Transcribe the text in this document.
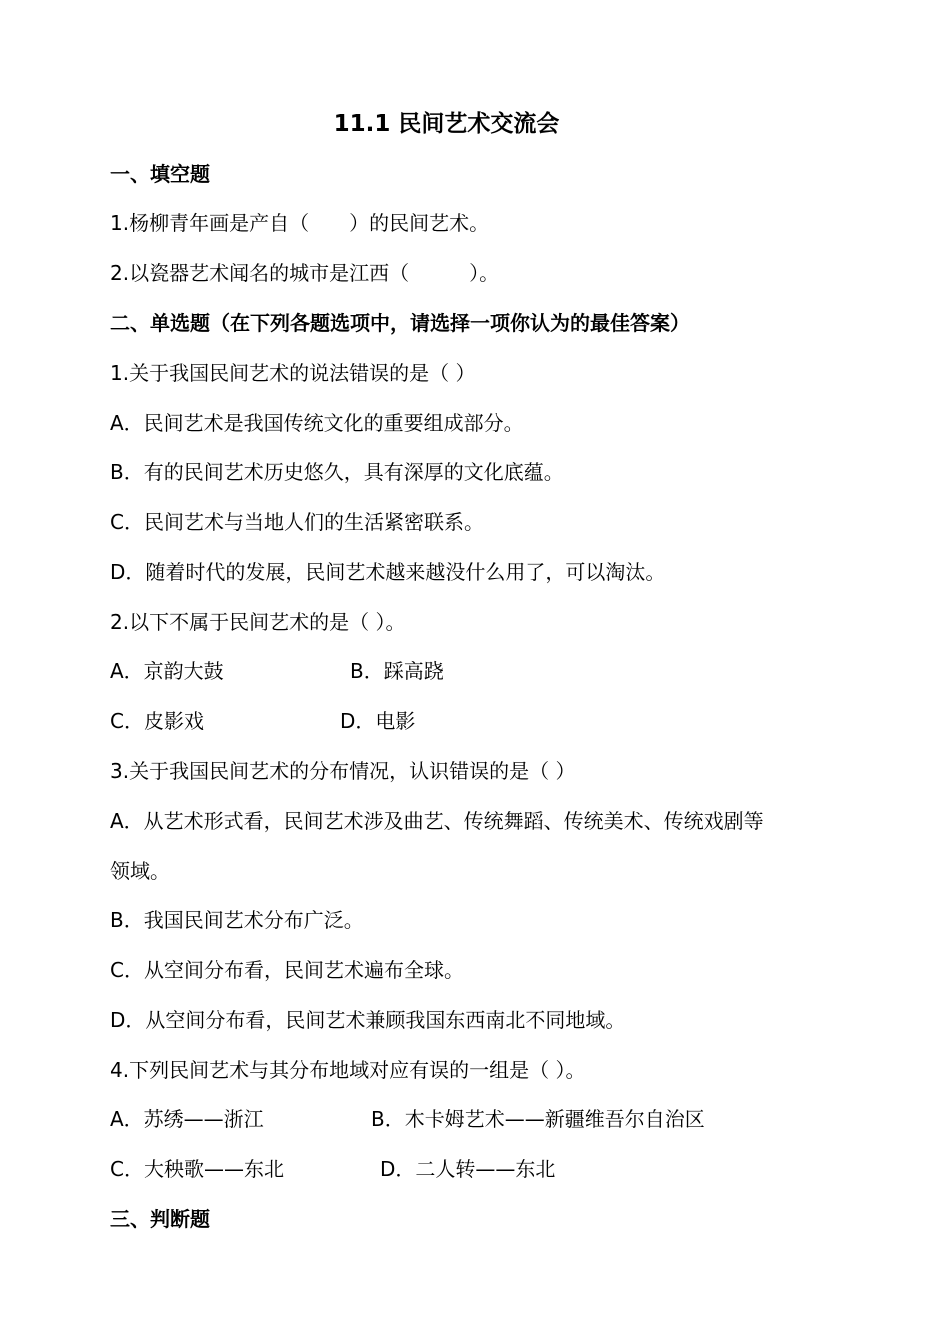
11.1 民间艺术交流会
一、填空题
1.杨柳青年画是产自（　　）的民间艺术。
2.以瓷器艺术闻名的城市是江西（　　　）。
二、单选题（在下列各题选项中，请选择一项你认为的最佳答案）
1.关于我国民间艺术的说法错误的是（ ）
A．民间艺术是我国传统文化的重要组成部分。
B．有的民间艺术历史悠久，具有深厚的文化底蕴。
C．民间艺术与当地人们的生活紧密联系。
D．随着时代的发展，民间艺术越来越没什么用了，可以淘汰。
2.以下不属于民间艺术的是（ ）。
A．京韵大鼓	B．踩高跷
C．皮影戏	D．电影
3.关于我国民间艺术的分布情况，认识错误的是（ ）
A．从艺术形式看，民间艺术涉及曲艺、传统舞蹈、传统美术、传统戏剧等
领域。
B．我国民间艺术分布广泛。
C．从空间分布看，民间艺术遍布全球。
D．从空间分布看，民间艺术兼顾我国东西南北不同地域。
4.下列民间艺术与其分布地域对应有误的一组是（ ）。
A．苏绣——浙江	B．木卡姆艺术——新疆维吾尔自治区
C．大秧歌——东北	D．二人转——东北
三、判断题
